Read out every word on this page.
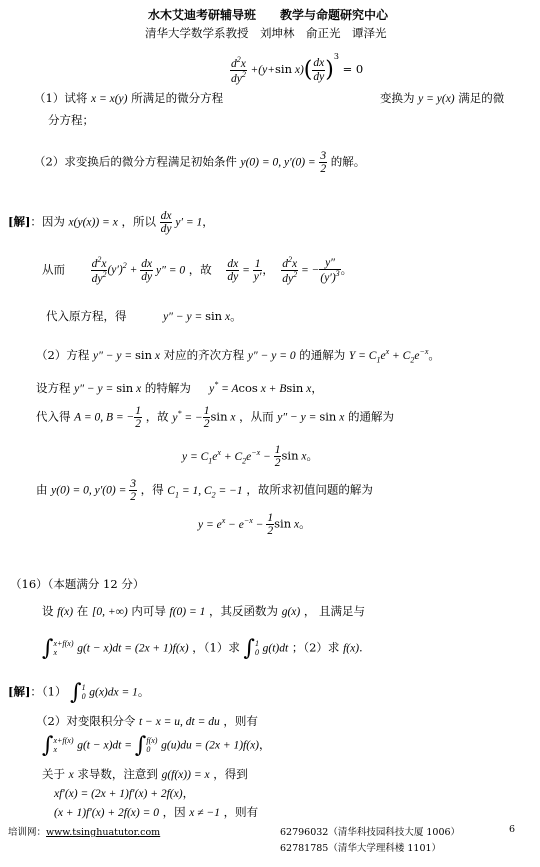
水木艾迪考研辅导班　　教学与命题研究中心
清华大学数学系教授　刘坤林　俞正光　谭泽光
$\frac{d^2x}{dy^2} +(y+\sin$ $x)( \frac{dx}{dy} )^3 = 0$
（1）试将 x = x(y) 所满足的微分方程	变换为 y = y(x) 满足的微
分方程；
（2）求变换后的微分方程满足初始条件 y(0) = 0, $y'(0) = \frac{3}{2}$ 的解。
[解]：因为 x(y(x)) = x ，所以 $\frac{dx}{dy} y' = 1$，
从而 $\frac{d^2x}{dy^2} (y')^2 + \frac{dx}{dy} y'' = 0$ ，故 $\frac{dx}{dy} = \frac{1}{y'}$ ， $\frac{d^2x}{dy^2}$ = − $\frac{y''}{(y')^3}$ 。
代入原方程，得	y″ − y = sin x。
（2）方程 y″ − y = sin x 对应的齐次方程 y″ − y = 0 的通解为 $Y = C_1e^x + C_2e^{-x}$。
设方程 y″ − y = sin x 的特解为 y* = Acos x + Bsin x，
代入得 A = 0, B = − $\frac{1}{2}$ ，故 y* = − $\frac{1}{2}$ sin x ，从而 y″ − y = sin x 的通解为
$y = C_1e^x + C_2e^{-x} - \frac{1}{2}$ sin x。
由 y(0) = 0, $y'(0) = \frac{3}{2}$ ，得 $C_1 = 1$, $C_2 = -1$ ，故所求初值问题的解为
$y = e^x - e^{-x} - \frac{1}{2}$ sin x。
（16）（本题满分 12 分）
设 f(x) 在 [0, +∞) 内可导 f(0) = 1 ，其反函数为 g(x) ， 且满足与
∫ x+f(x)
x	g(t − x)dt = (2x + 1)f(x) ，（1）求 ∫ 1
0 g(t)dt ；（2）求 f(x).
[解]：（1） ∫ 1
0 g(x)dx = 1。
（2）对变限积分令 t − x = u, dt = du ，则有
∫ x+f(x)
x	g(t − x)dt = ∫ f(x)
0 g(u)du = (2x + 1)f(x)，
关于 x 求导数，注意到 g(f(x)) = x ，得到
xf′(x) = (2x + 1)f′(x) + 2f(x)，
(x + 1)f′(x) + 2f(x) = 0 ，因 x ≠ −1 ，则有
培训网：www.tsinghuatutor.com	62796032（清华科技园科技大厦 1006）
62781785（清华大学理科楼 1101）
6
